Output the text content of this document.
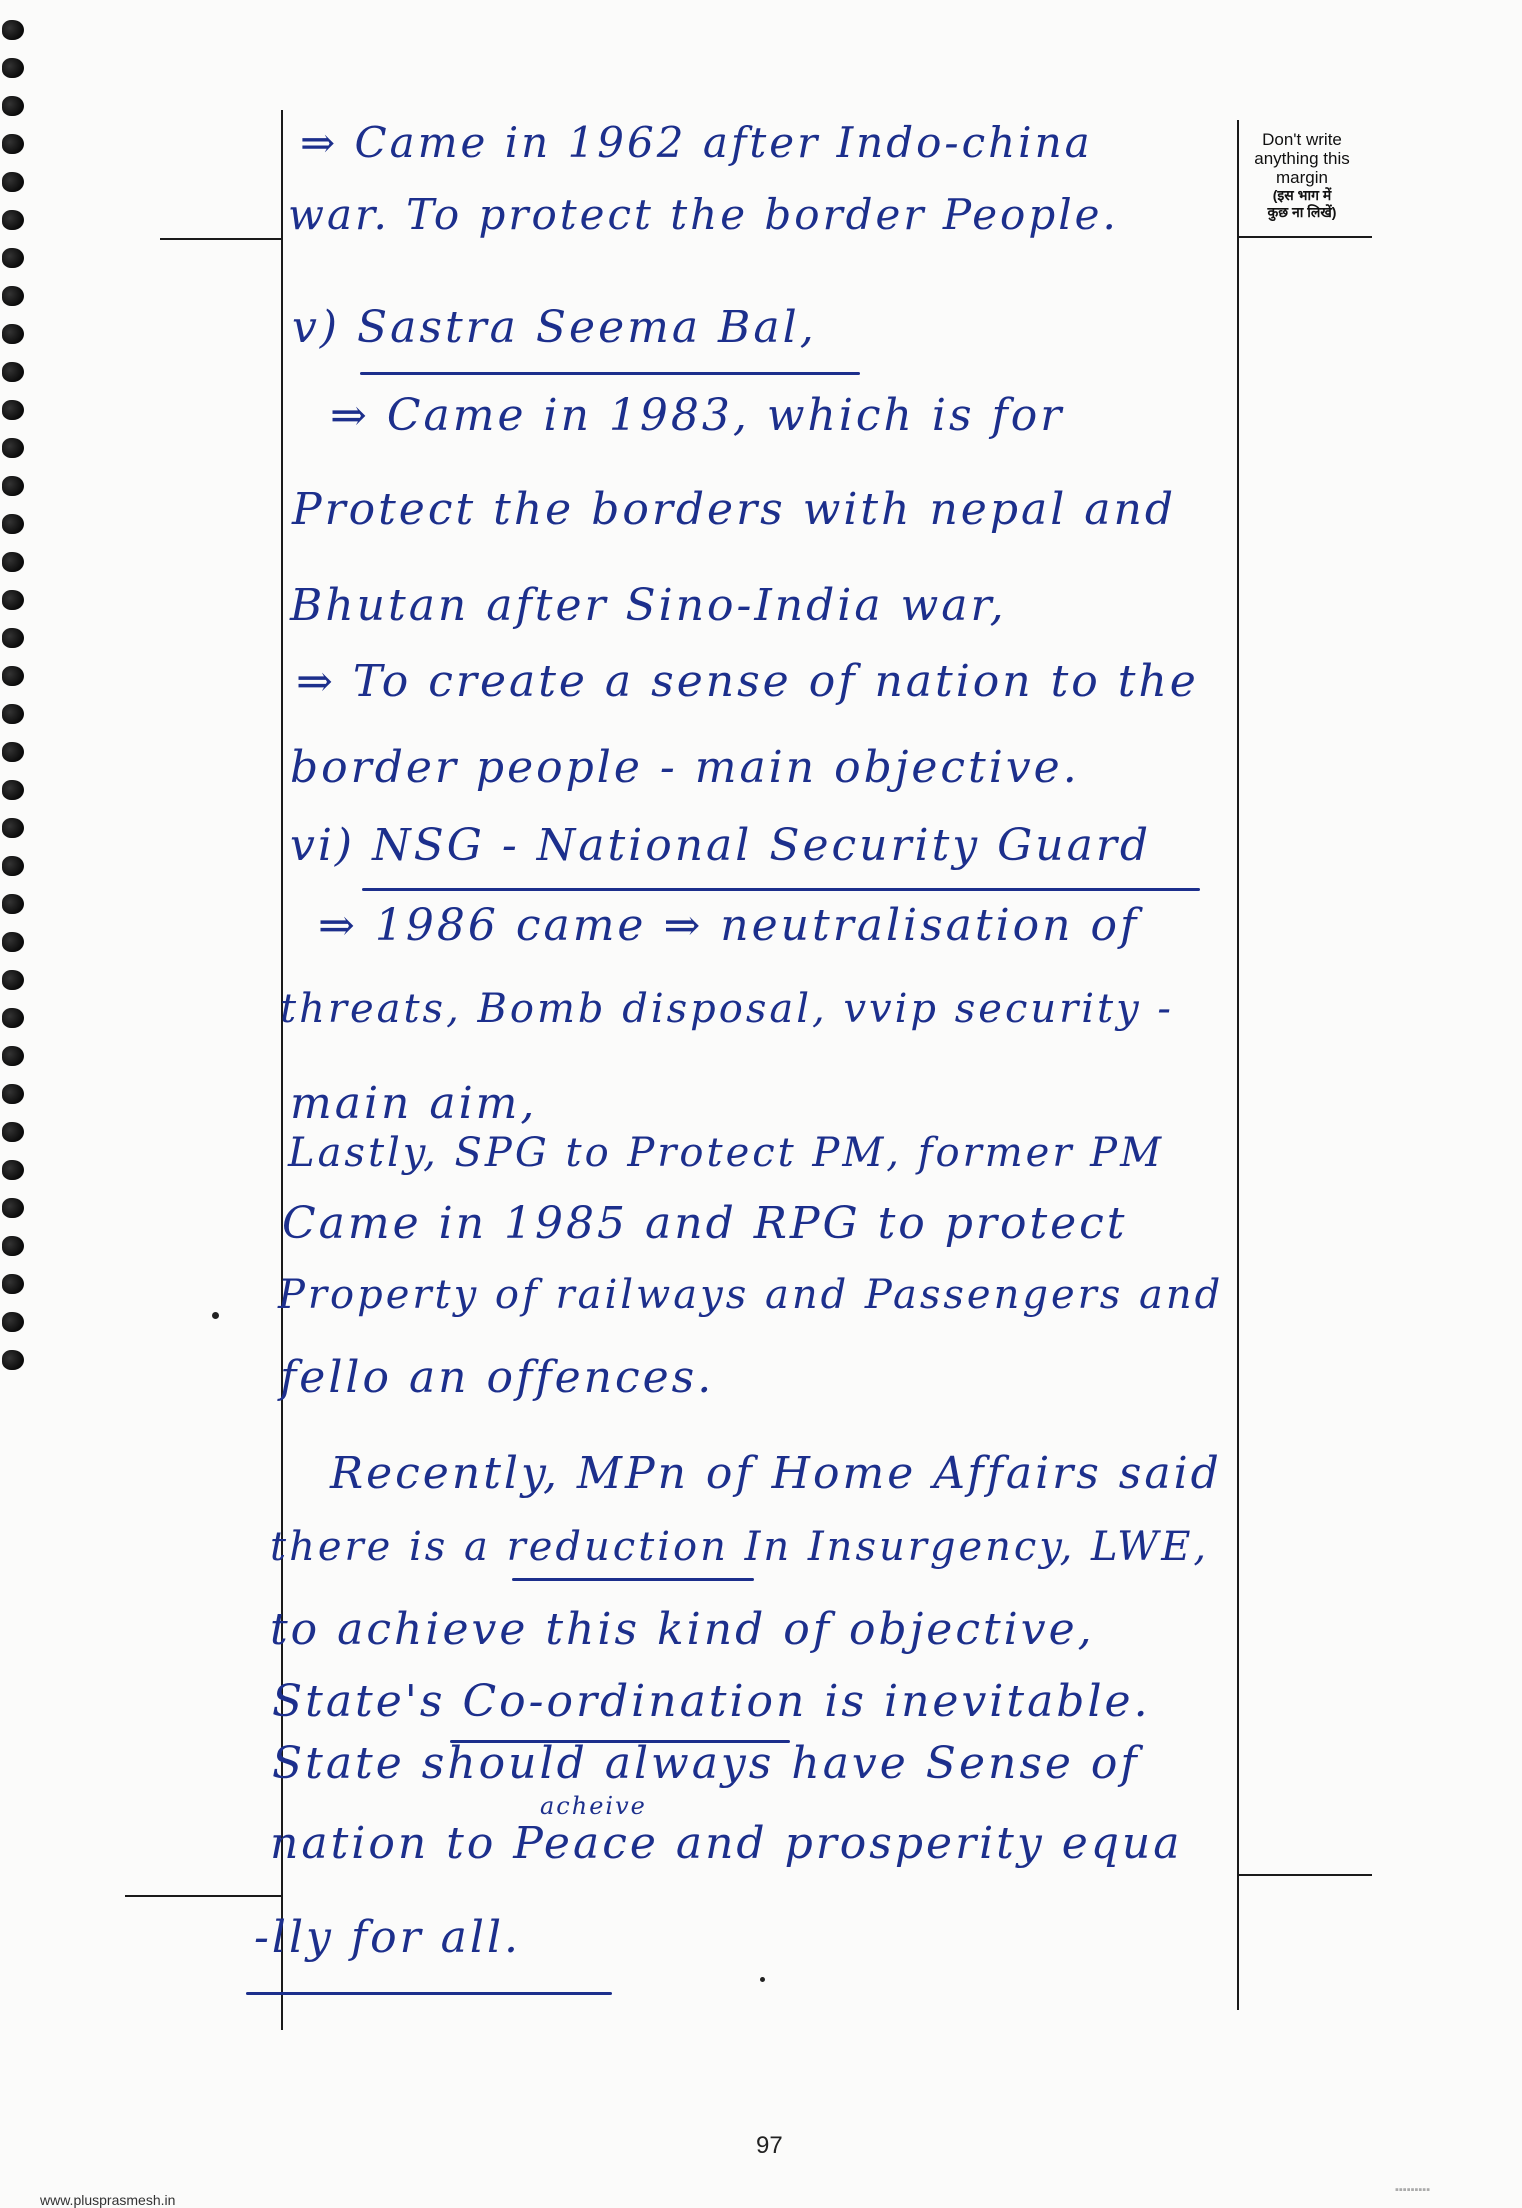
Don't write
anything this
margin
(इस भाग में
कुछ ना लिखें)
⇒ Came in 1962 after Indo-china
war. To protect the border People.
v) Sastra Seema Bal,
⇒ Came in 1983, which is for
Protect the borders with nepal and
Bhutan after Sino-India war,
⇒ To create a sense of nation to the
border people - main objective.
vi) NSG - National Security Guard
⇒ 1986 came ⇒ neutralisation of
threats, Bomb disposal, vvip security -
main aim,
Lastly, SPG to Protect PM, former PM
Came in 1985 and RPG to protect
Property of railways and Passengers and
fello an offences.
Recently, MPn of Home Affairs said
there is a reduction In Insurgency, LWE,
to achieve this kind of objective,
State's Co-ordination is inevitable.
State should always have Sense of
acheive
nation to Peace and prosperity equa
-lly for all.
www.plusprasmesh.in
97
▪▪▪▪▪▪▪▪▪
